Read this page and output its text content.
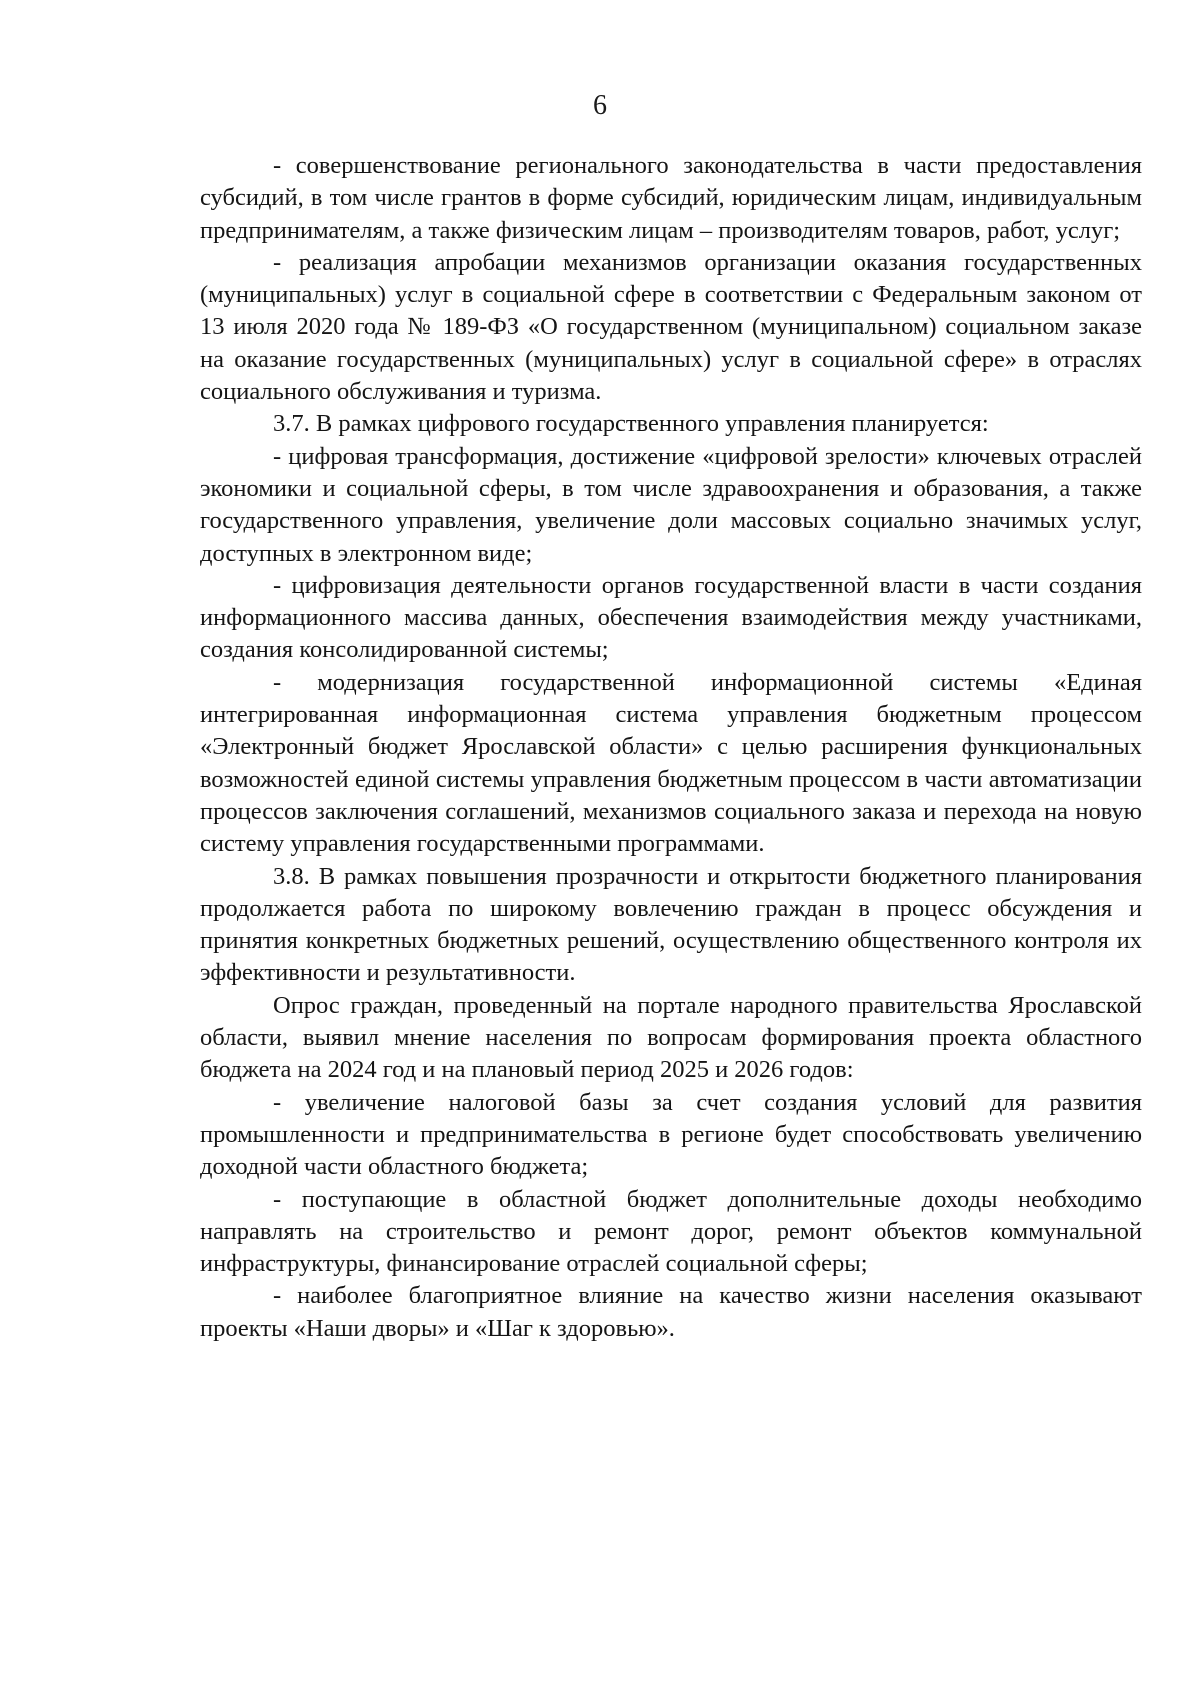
6

- совершенствование регионального законодательства в части предоставления субсидий, в том числе грантов в форме субсидий, юридическим лицам, индивидуальным предпринимателям, а также физическим лицам – производителям товаров, работ, услуг;

- реализация апробации механизмов организации оказания государственных (муниципальных) услуг в социальной сфере в соответствии с Федеральным законом от 13 июля 2020 года № 189-ФЗ «О государственном (муниципальном) социальном заказе на оказание государственных (муниципальных) услуг в социальной сфере» в отраслях социального обслуживания и туризма.

3.7. В рамках цифрового государственного управления планируется:

- цифровая трансформация, достижение «цифровой зрелости» ключевых отраслей экономики и социальной сферы, в том числе здравоохранения и образования, а также государственного управления, увеличение доли массовых социально значимых услуг, доступных в электронном виде;

- цифровизация деятельности органов государственной власти в части создания информационного массива данных, обеспечения взаимодействия между участниками, создания консолидированной системы;

- модернизация государственной информационной системы «Единая интегрированная информационная система управления бюджетным процессом «Электронный бюджет Ярославской области» с целью расширения функциональных возможностей единой системы управления бюджетным процессом в части автоматизации процессов заключения соглашений, механизмов социального заказа и перехода на новую систему управления государственными программами.

3.8. В рамках повышения прозрачности и открытости бюджетного планирования продолжается работа по широкому вовлечению граждан в процесс обсуждения и принятия конкретных бюджетных решений, осуществлению общественного контроля их эффективности и результативности.

Опрос граждан, проведенный на портале народного правительства Ярославской области, выявил мнение населения по вопросам формирования проекта областного бюджета на 2024 год и на плановый период 2025 и 2026 годов:

- увеличение налоговой базы за счет создания условий для развития промышленности и предпринимательства в регионе будет способствовать увеличению доходной части областного бюджета;

- поступающие в областной бюджет дополнительные доходы необходимо направлять на строительство и ремонт дорог, ремонт объектов коммунальной инфраструктуры, финансирование отраслей социальной сферы;

- наиболее благоприятное влияние на качество жизни населения оказывают проекты «Наши дворы» и «Шаг к здоровью».
